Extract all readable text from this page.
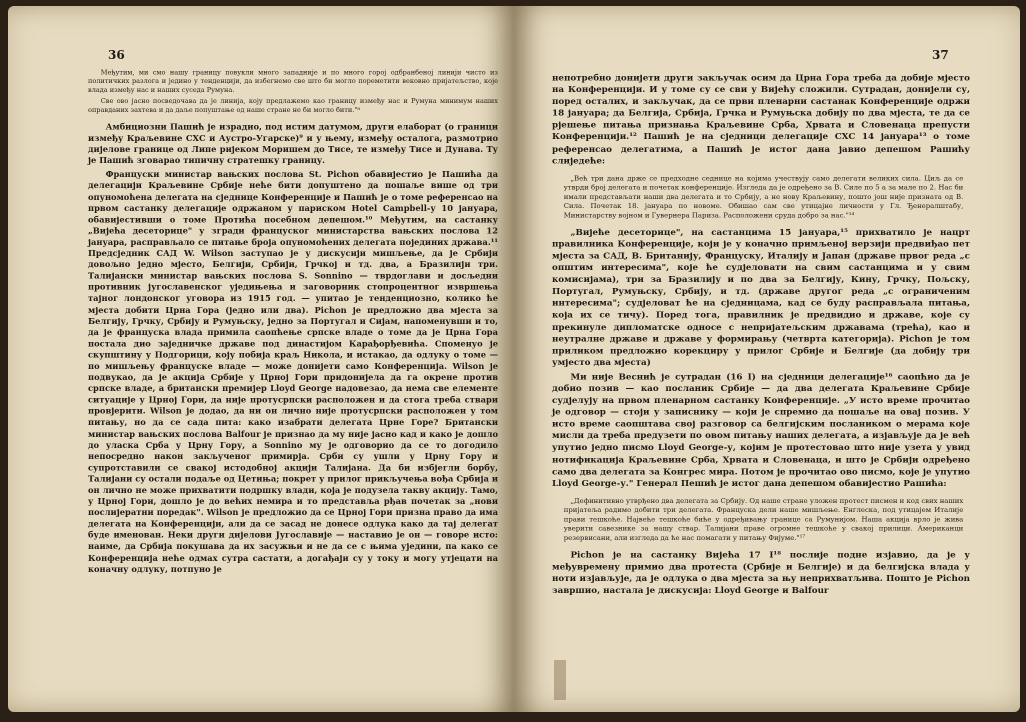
36

Међутим, ми смо нашу границу повукли много западније и по много горој одбранбеној линији чисто из политичких разлога и једино у тенденцији, да избегнемо све што би могло пореметити вековно пријатељство, које влада између нас и наших суседа Румуна.

Све ово јасно посведочава да је линија, коју предлажемо као границу између нас и Румуна минимум наших оправданих захтева и да даље попуштање од наше стране не би могло бити."⁸

Амбициозни Пашић је израдио, под истим датумом, други елаборат (о граници између Краљевине СХС и Аустро-Угарске)⁹ и у њему, између осталога, размотрио дијелове границе од Липе ријеком Моришем до Тисе, те између Тисе и Дунава. Ту је Пашић зговарао типичну стратешку границу.

Француски министар вањских послова St. Pichon обавијестио је Пашића да делегацији Краљевине Србије неће бити допуштено да пошаље више од три опуномоћена делегата на сједнице Конференције и Пашић је о томе референсао на првом састанку делегације одржаном у париском Hotel Campbell-у 10 јануара, обавијестивши о томе Протића посебном депешом.¹⁰ Међутим, на састанку „Вијећа десеторице" у згради француског министарства вањских послова 12 јануара, расправљало се питање броја опуномоћених делегата појединих држава.¹¹ Предсједник САД W. Wilson заступао је у дискусији мишљење, да је Србији довољно једно мјесто, Белгији, Србији, Грчкој и тд. два, а Бразилији три. Талијански министар вањских послова S. Sonnino — тврдоглави и досљедни противник југославенског уједињења и заговорник стопроцентног извршења тајног лондонског уговора из 1915 год. — упитао је тенденциозно, колико ће мјеста добити Црна Гора (једно или два). Pichon је предложио два мјеста за Белгију, Грчку, Србију и Румуњску, једно за Португал и Сијам, напоменувши и то, да је француска влада примила саопћење српске владе о томе да је Црна Гора постала дио заједничке државе под династијом Карађорђевића. Споменуо је скупштину у Подгорици, коју побија краљ Никола, и истакао, да одлуку о томе — по мишљењу француске владе — може донијети само Конференција. Wilson је подвукао, да је акција Србије у Црној Гори придонијела да га окрене против српске владе, а британски премијер Lloyd George надовезао, да нема све елементе ситуације у Црној Гори, да није протусрпски расположен и да стога треба ствари провјерити. Wilson је додао, да ни он лично није протусрпски расположен у том питању, но да се сада пита: како изабрати делегата Црне Горе? Британски министар вањских послова Balfour је признао да му није јасно кад и како је дошло до уласка Срба у Црну Гору, а Sonnino му је одговорио да се то догодило непосредно након закљученог примирја. Срби су ушли у Црну Гору и супротставили се свакој истодобној акцији Талијана. Да би избјегли борбу, Талијани су остали подаље од Цетиња; покрет у прилог прикључења вођа Србија и он лично не може прихватити подршку влади, која је подузела такву акцију. Тамо, у Црној Гори, дошло је до већих немира и то представља рђав почетак за „нови послијератни поредак". Wilson је предложио да се Црној Гори призна право да има делегата на Конференцији, али да се засад не донесе одлука како да тај делегат буде именован. Неки други дијелови Југославије — наставио је он — говоре исто: наиме, да Србија покушава да их засужњи и не да се с њима уједини, па како се Конференција неће одмах сутра састати, а догађаји су у току и могу утјецати на коначну одлуку, потпуно је

37

непотребно донијети други закључак осим да Црна Гора треба да добије мјесто на Конференцији. И у томе су се сви у Вијећу сложили. Сутрадан, донијели су, поред осталих, и закључак, да се први пленарни састанак Конференције одржи 18 јануара; да Белгија, Србија, Грчка и Румуњска добију по два мјеста, те да се рјешење питања признања Краљевине Срба, Хрвата и Словенаца препусти Конференцији.¹² Пашић је на сједници делегације СХС 14 јануара¹³ о томе референсао делегатима, а Пашић је истог дана јавио депешом Рашићу слиједеће:

„Већ три дана држе се предходне седнице на којима учествују само делегати великих сила. Циљ да се утврди број делегата и почетак конференције. Изгледа да је одређено за В. Силе по 5 а за мале по 2. Нас би имали представљати наши два делегата и то Србију, а не нову Краљевину, пошто још није призната од В. Сила. Почетак 18. јануара по новоме. Обишао сам све утицајне личности у Гл. Ђенералштабу, Министарству војном и Гувернера Париза. Расположени сруда добро за нас."¹⁴

„Вијеће десеторице", на састанцима 15 јануара,¹⁵ прихватило је нацрт правилника Конференције, који је у коначно примљеној верзији предвиђао пет мјеста за САД, В. Британију, Француску, Италију и Јапан (државе првог реда „с општим интересима", које ће судјеловати на свим састанцима и у свим комисијама), три за Бразилију и по два за Белгију, Кину, Грчку, Пољску, Португал, Румуњску, Србију, и тд. (државе другог реда „с ограниченим интересима"; судјеловат ће на сједницама, кад се буду расправљала питања, која их се тичу). Поред тога, правилник је предвидио и државе, које су прекинуле дипломатске односе с непријатељским државама (трећа), као и неутралне државе и државе у формирању (четврта категорија). Pichon је том приликом предложио корекциру у прилог Србије и Белгије (да добију три умјесто два мјеста)

Ми није Веснић је сутрадан (16 I) на сједници делегације¹⁶ саопћио да је добио позив — као посланик Србије — да два делегата Краљевине Србије судјелују на првом пленарном састанку Конференције. „У исто време прочитао је одговор — стоји у записнику — који је спремио да пошаље на овај позив. У исто време саопштава свој разговор са белгијским послаником о мерама које мисли да треба предузети по овом питању наших делегата, а изјављује да је већ упутио једно писмо Lloyd George-у, којим је протестовао што није узета у увид нотификација Краљевине Срба, Хрвата и Словенаца, и што је Србији одређено само два делегата за Конгрес мира. Потом је прочитао ово писмо, које је упутио Lloyd George-у." Генерал Пешић је истог дана депешом обавијестио Рашића:

„Дефинитивно утврђено два делегата за Србију. Од наше стране уложен протест писмен и код свих наших пријатеља радимо добити три делегата. Француска дели наше мишљење. Енглеска, под утицајем Италије прави тешкоће. Највеће тешкоће биће у одређивању границе са Румунијом. Наша акција врло је жива уверити савезнике за нашу ствар. Талијани праве огромне тешкоће у свакој прилици. Американци резервисани, али изгледа да ће нас помагати у питању Фијуме."¹⁷

Pichon је на састанку Вијећа 17 I¹⁸ послије подне изјавио, да је у међувремену примио два протеста (Србије и Белгије) и да белгијска влада у ноти изјављује, да је одлука о два мјеста за њу неприхватљива. Пошто је Pichon завршио, настала је дискусија: Lloyd George и Balfour
